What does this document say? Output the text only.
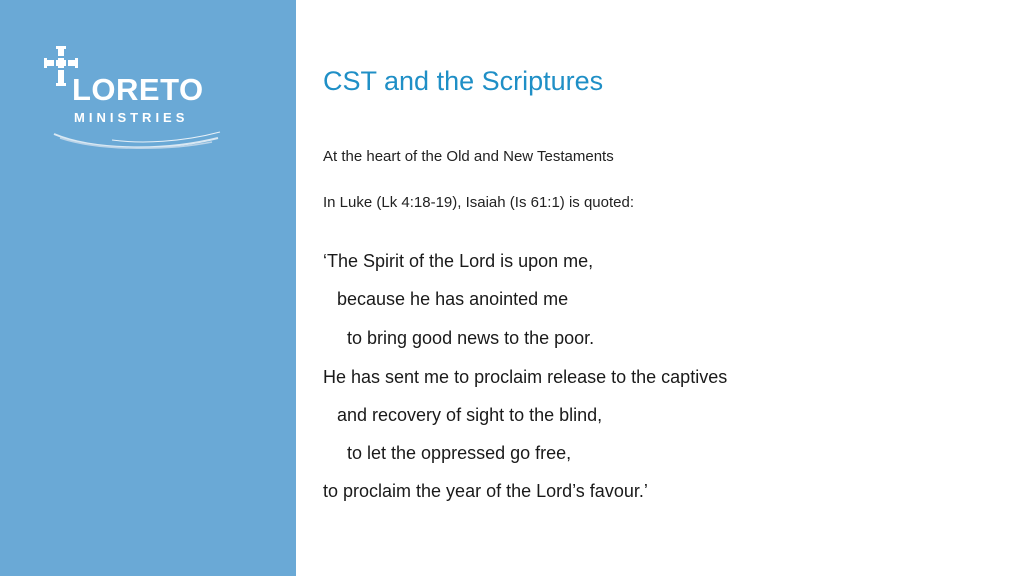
LORETO
MINISTRIES
CST and the Scriptures
At the heart of the Old and New Testaments
In Luke (Lk 4:18-19), Isaiah (Is 61:1) is quoted:
‘The Spirit of the Lord is upon me,
because he has anointed me
to bring good news to the poor.
He has sent me to proclaim release to the captives
and recovery of sight to the blind,
to let the oppressed go free,
to proclaim the year of the Lord’s favour.’
